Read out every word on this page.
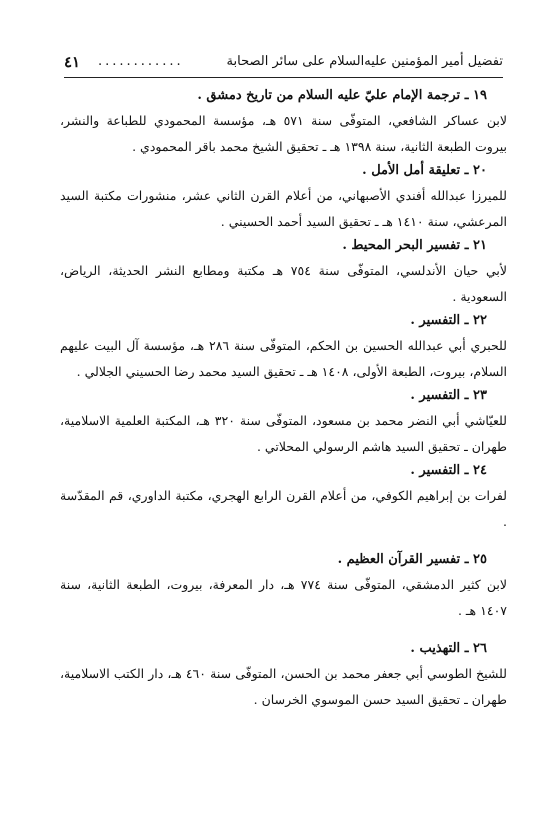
تفضيل أمير المؤمنين عليه‌السلام على سائر الصحابة
............
٤١
١٩ ـ ترجمة الإمام عليّ عليه السلام من تاريخ دمشق .
لابن عساكر الشافعي، المتوفّى سنة ٥٧١ هـ، مؤسسة المحمودي للطباعة والنشر، بيروت الطبعة الثانية، سنة ١٣٩٨ هـ ـ تحقيق الشيخ محمد باقر المحمودي .
٢٠ ـ تعليقة أمل الأمل .
للميرزا عبدالله أفندي الأصبهاني، من أعلام القرن الثاني عشر، منشورات مكتبة السيد المرعشي، سنة ١٤١٠ هـ ـ تحقيق السيد أحمد الحسيني .
٢١ ـ تفسير البحر المحيط .
لأبي حيان الأندلسي، المتوفّى سنة ٧٥٤ هـ مكتبة ومطابع النشر الحديثة، الرياض، السعودية .
٢٢ ـ التفسير .
للحبري أبي عبدالله الحسين بن الحكم، المتوفّى سنة ٢٨٦ هـ، مؤسسة آل البيت عليهم السلام، بيروت، الطبعة الأولى، ١٤٠٨ هـ ـ تحقيق السيد محمد رضا الحسيني الجلالي .
٢٣ ـ التفسير .
للعيّاشي أبي النضر محمد بن مسعود، المتوفّى سنة ٣٢٠ هـ، المكتبة العلمية الاسلامية، طهران ـ تحقيق السيد هاشم الرسولي المحلاتي .
٢٤ ـ التفسير .
لفرات بن إبراهيم الكوفي، من أعلام القرن الرابع الهجري، مكتبة الداوري، قم المقدّسة .
٢٥ ـ تفسير القرآن العظيم .
لابن كثير الدمشقي، المتوفّى سنة ٧٧٤ هـ، دار المعرفة، بيروت، الطبعة الثانية، سنة ١٤٠٧ هـ .
٢٦ ـ التهذيب .
للشيخ الطوسي أبي جعفر محمد بن الحسن، المتوفّى سنة ٤٦٠ هـ، دار الكتب الاسلامية، طهران ـ تحقيق السيد حسن الموسوي الخرسان .
